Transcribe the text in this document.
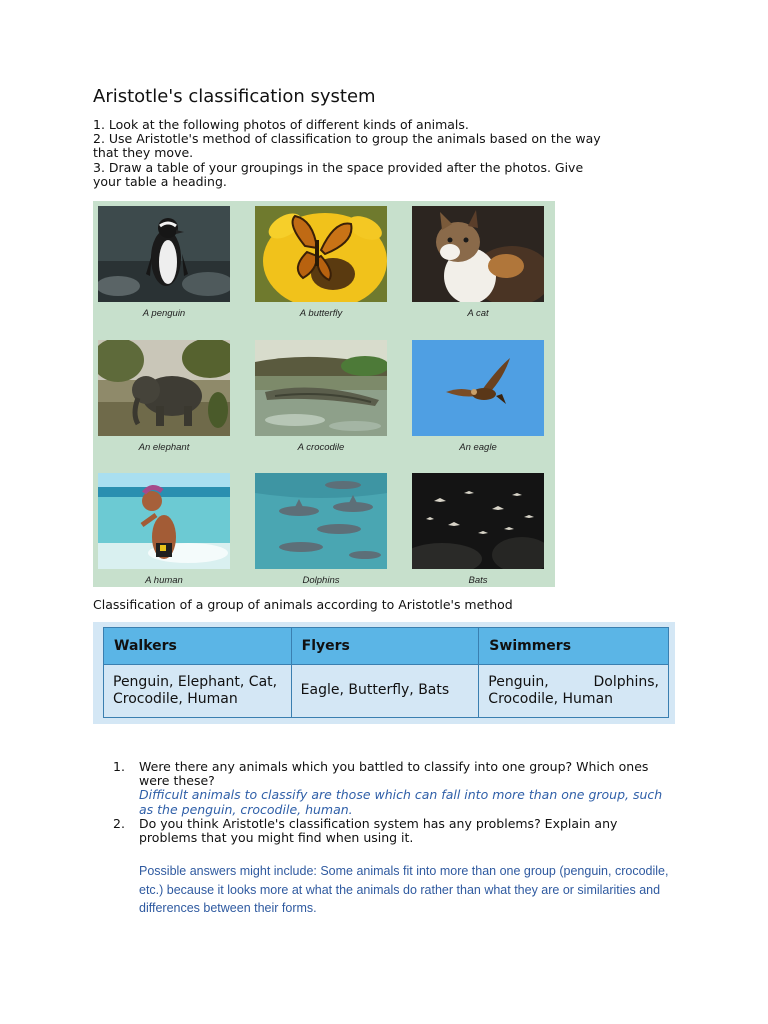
Aristotle's classification system
1. Look at the following photos of different kinds of animals.
2. Use Aristotle's method of classification to group the animals based on the way that they move.
3. Draw a table of your groupings in the space provided after the photos. Give your table a heading.
A penguin	A butterfly	A cat
An elephant	A crocodile	An eagle
A human	Dolphins	Bats
Classification of a group of animals according to Aristotle's method
Walkers	Flyers	Swimmers
Penguin, Elephant, Cat, Crocodile, Human	Eagle, Butterfly, Bats	Penguin, Dolphins, Crocodile, Human
1.	Were there any animals which you battled to classify into one group? Which ones were these?
Difficult animals to classify are those which can fall into more than one group, such as the penguin, crocodile, human.
2.	Do you think Aristotle's classification system has any problems? Explain any problems that you might find when using it.
Possible answers might include: Some animals fit into more than one group (penguin, crocodile, etc.) because it looks more at what the animals do rather than what they are or similarities and differences between their forms.
